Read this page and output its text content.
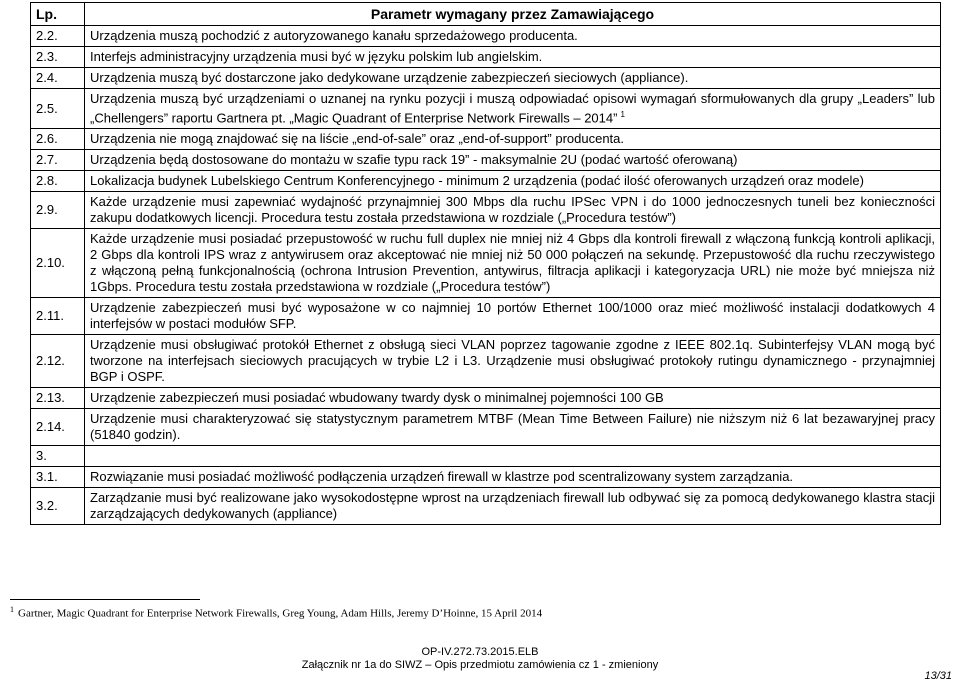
Lp.	Parametr wymagany przez Zamawiającego
2.2.	Urządzenia muszą pochodzić z autoryzowanego kanału sprzedażowego producenta.
2.3.	Interfejs administracyjny urządzenia musi być w języku polskim lub angielskim.
2.4.	Urządzenia muszą być dostarczone jako dedykowane urządzenie zabezpieczeń sieciowych (appliance).
2.5.	Urządzenia muszą być urządzeniami o uznanej na rynku pozycji i muszą odpowiadać opisowi wymagań sformułowanych dla grupy „Leaders” lub „Chellengers” raportu Gartnera pt. „Magic Quadrant of Enterprise Network Firewalls – 2014” $^1$
2.6.	Urządzenia nie mogą znajdować się na liście „end-of-sale” oraz „end-of-support” producenta.
2.7.	Urządzenia będą dostosowane do montażu w szafie typu rack 19” - maksymalnie 2U (podać wartość oferowaną)
2.8.	Lokalizacja budynek Lubelskiego Centrum Konferencyjnego - minimum 2 urządzenia (podać ilość oferowanych urządzeń oraz modele)
2.9.	Każde urządzenie musi zapewniać wydajność przynajmniej 300 Mbps dla ruchu IPSec VPN i do 1000 jednoczesnych tuneli bez konieczności zakupu dodatkowych licencji. Procedura testu została przedstawiona w rozdziale („Procedura testów”)
2.10.	Każde urządzenie musi posiadać przepustowość w ruchu full duplex nie mniej niż 4 Gbps dla kontroli firewall z włączoną funkcją kontroli aplikacji, 2 Gbps dla kontroli IPS wraz z antywirusem oraz akceptować nie mniej niż 50 000 połączeń na sekundę. Przepustowość dla ruchu rzeczywistego z włączoną pełną funkcjonalnością (ochrona Intrusion Prevention, antywirus, filtracja aplikacji i kategoryzacja URL) nie może być mniejsza niż 1Gbps. Procedura testu została przedstawiona w rozdziale („Procedura testów”)
2.11.	Urządzenie zabezpieczeń musi być wyposażone w co najmniej 10 portów Ethernet 100/1000 oraz mieć możliwość instalacji dodatkowych 4 interfejsów w postaci modułów SFP.
2.12.	Urządzenie musi obsługiwać protokół Ethernet z obsługą sieci VLAN poprzez tagowanie zgodne z IEEE 802.1q. Subinterfejsy VLAN mogą być tworzone na interfejsach sieciowych pracujących w trybie L2 i L3. Urządzenie musi obsługiwać protokoły rutingu dynamicznego - przynajmniej BGP i OSPF.
2.13.	Urządzenie zabezpieczeń musi posiadać wbudowany twardy dysk o minimalnej pojemności 100 GB
2.14.	Urządzenie musi charakteryzować się statystycznym parametrem MTBF (Mean Time Between Failure) nie niższym niż 6 lat bezawaryjnej pracy (51840 godzin).
3.	
3.1.	Rozwiązanie musi posiadać możliwość podłączenia urządzeń firewall w klastrze pod scentralizowany system zarządzania.
3.2.	Zarządzanie musi być realizowane jako wysokodostępne wprost na urządzeniach firewall lub odbywać się za pomocą dedykowanego klastra stacji zarządzających dedykowanych (appliance)
$^1$ Gartner, Magic Quadrant for Enterprise Network Firewalls, Greg Young, Adam Hills, Jeremy D’Hoinne, 15 April 2014
OP-IV.272.73.2015.ELB
Załącznik nr 1a do SIWZ – Opis przedmiotu zamówienia cz 1 - zmieniony
13/31
